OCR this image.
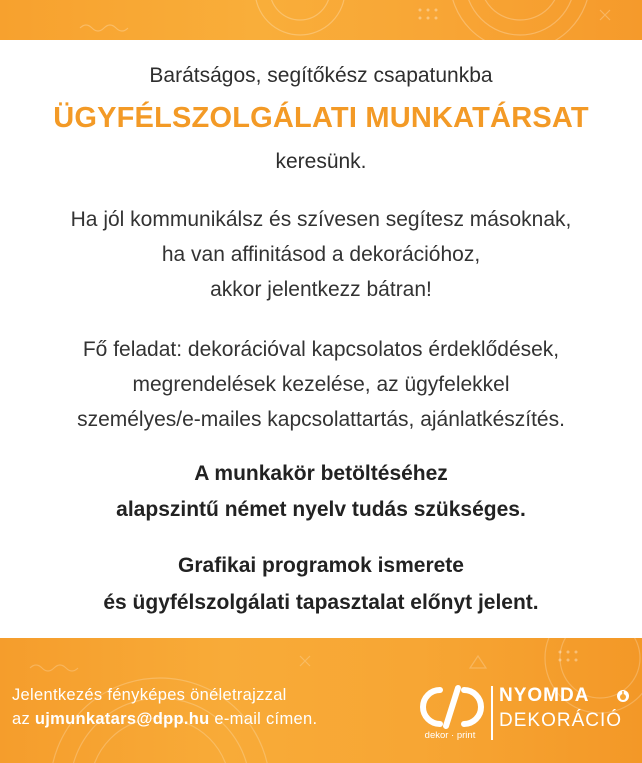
Barátságos, segítőkész csapatunkba
ÜGYFÉLSZOLGÁLATI MUNKATÁRSAT
keresünk.
Ha jól kommunikálsz és szívesen segítesz másoknak,
ha van affinitásod a dekorációhoz,
akkor jelentkezz bátran!
Fő feladat: dekorációval kapcsolatos érdeklődések,
megrendelések kezelése, az ügyfelekkel
személyes/e-mailes kapcsolattartás, ajánlatkészítés.
A munkakör betöltéséhez
alapszintű német nyelv tudás szükséges.
Grafikai programok ismerete
és ügyfélszolgálati tapasztalat előnyt jelent.
Jelentkezés fényképes önéletrajzzal
az ujmunkatars@dpp.hu e-mail címen.
dekor · print
NYOMDA
DEKORÁCIÓ
